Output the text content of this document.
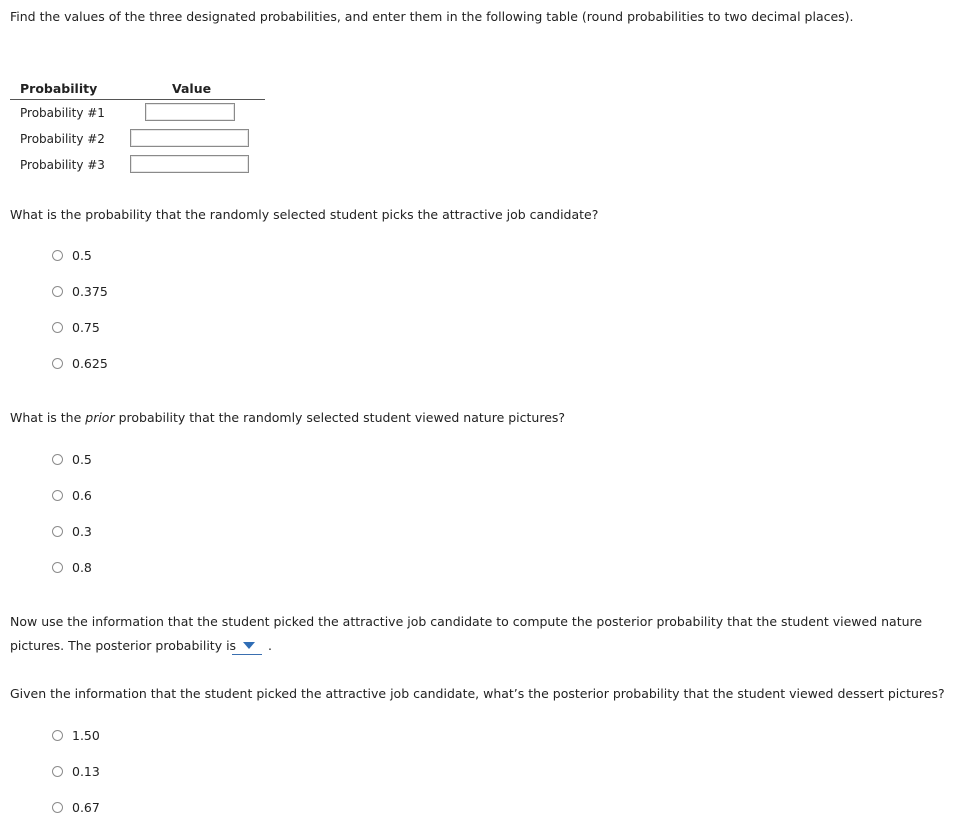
Find the values of the three designated probabilities, and enter them in the following table (round probabilities to two decimal places).
Probability	Value
Probability #1
Probability #2
Probability #3
What is the probability that the randomly selected student picks the attractive job candidate?
0.5
0.375
0.75
0.625
What is the prior probability that the randomly selected student viewed nature pictures?
0.5
0.6
0.3
0.8
Now use the information that the student picked the attractive job candidate to compute the posterior probability that the student viewed nature
pictures. The posterior probability is	.
Given the information that the student picked the attractive job candidate, what’s the posterior probability that the student viewed dessert pictures?
1.50
0.13
0.67
